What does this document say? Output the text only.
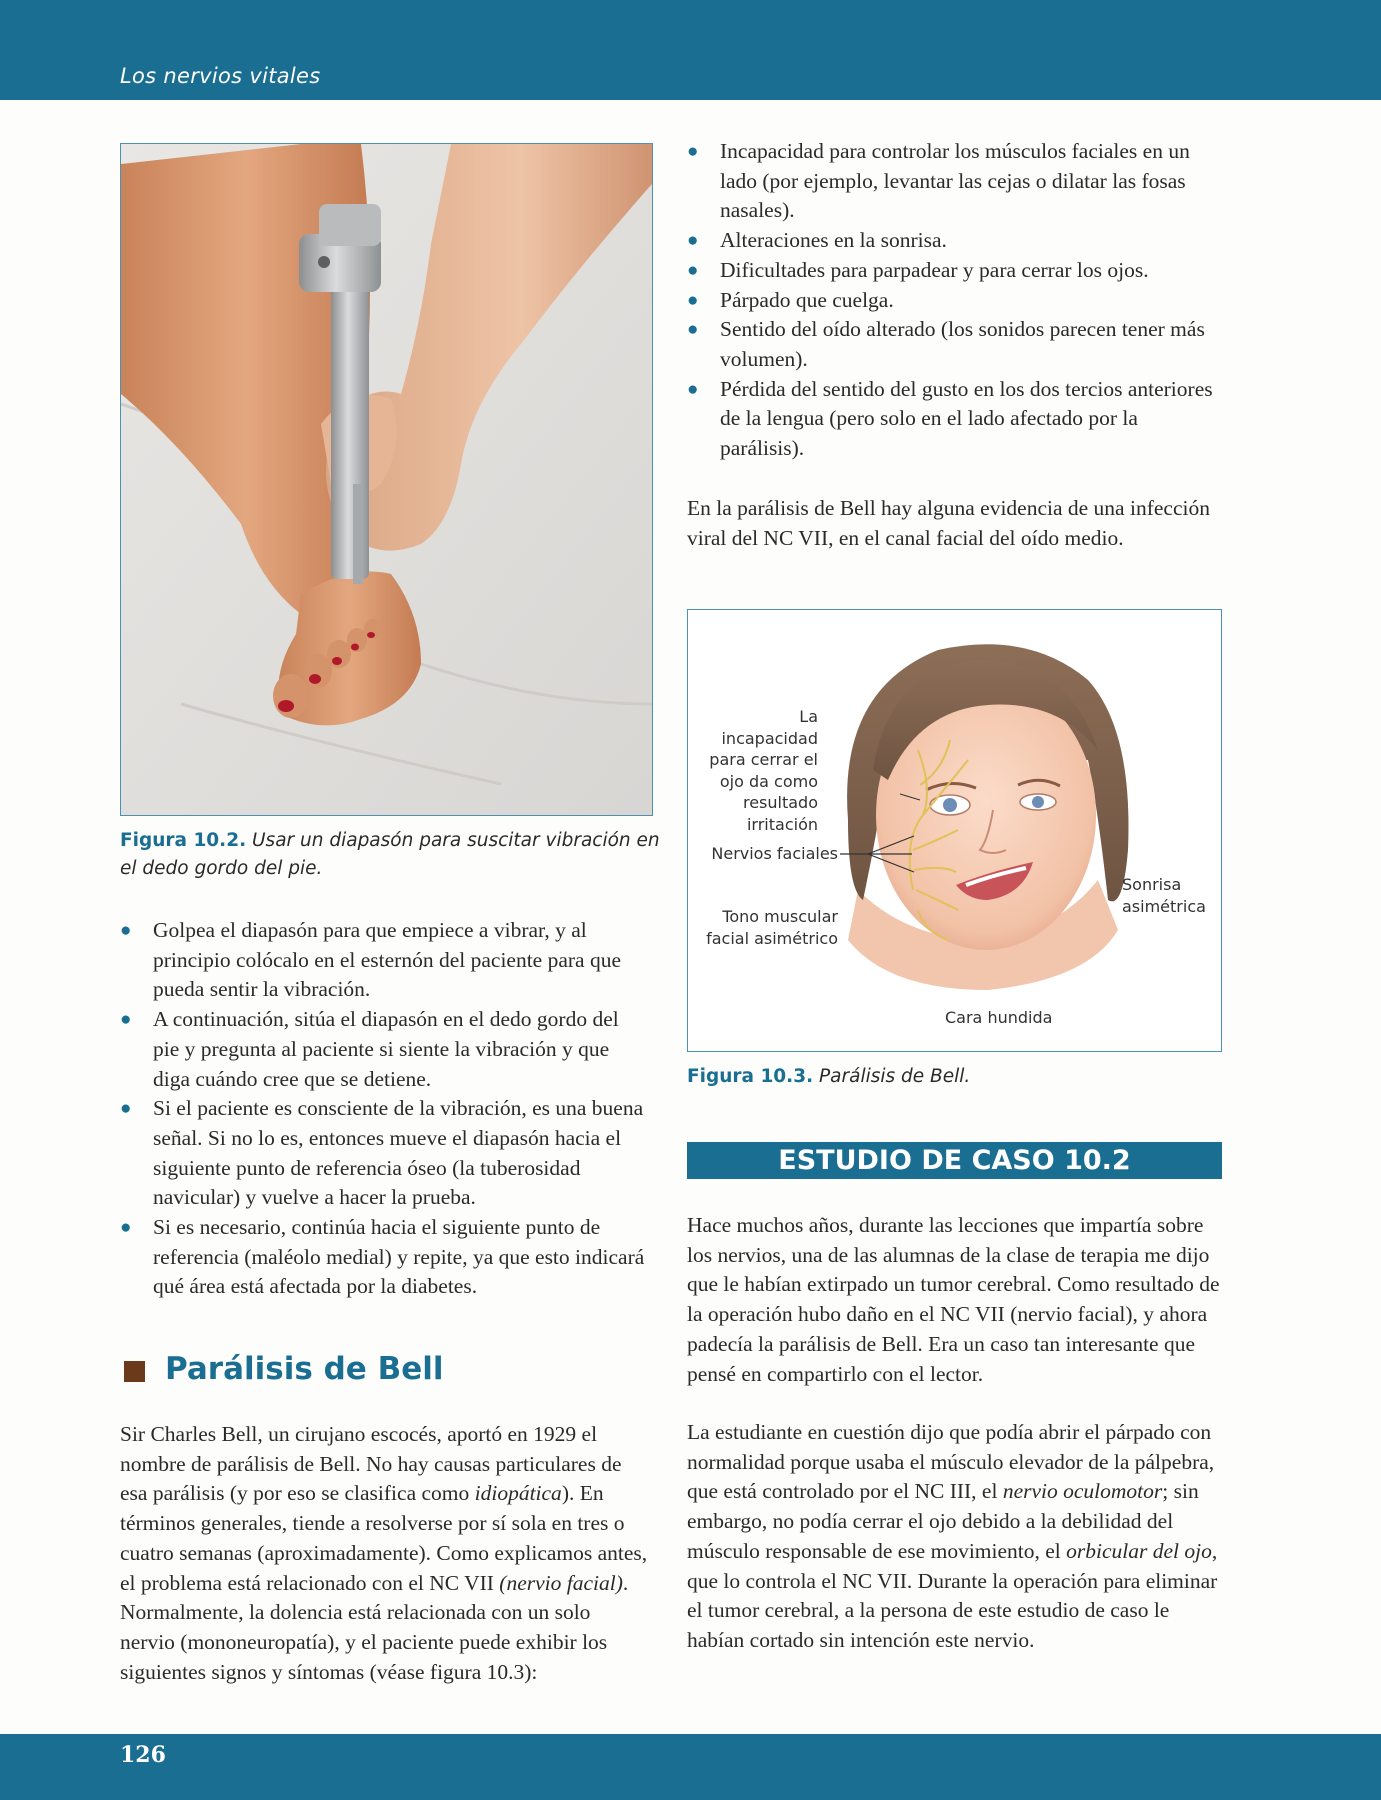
Los nervios vitales
Figura 10.2. Usar un diapasón para suscitar vibración en el dedo gordo del pie.
● Golpea el diapasón para que empiece a vibrar, y al principio colócalo en el esternón del paciente para que pueda sentir la vibración.
● A continuación, sitúa el diapasón en el dedo gordo del pie y pregunta al paciente si siente la vibración y que diga cuándo cree que se detiene.
● Si el paciente es consciente de la vibración, es una buena señal. Si no lo es, entonces mueve el diapasón hacia el siguiente punto de referencia óseo (la tuberosidad navicular) y vuelve a hacer la prueba.
● Si es necesario, continúa hacia el siguiente punto de referencia (maléolo medial) y repite, ya que esto indicará qué área está afectada por la diabetes.
Parálisis de Bell

Sir Charles Bell, un cirujano escocés, aportó en 1929 el nombre de parálisis de Bell. No hay causas particulares de esa parálisis (y por eso se clasifica como idiopática). En términos generales, tiende a resolverse por sí sola en tres o cuatro semanas (aproximadamente). Como explicamos antes, el problema está relacionado con el NC VII (nervio facial). Normalmente, la dolencia está relacionada con un solo nervio (mononeuropatía), y el paciente puede exhibir los siguientes signos y síntomas (véase figura 10.3):

● Incapacidad para controlar los músculos faciales en un lado (por ejemplo, levantar las cejas o dilatar las fosas nasales).
● Alteraciones en la sonrisa.
● Dificultades para parpadear y para cerrar los ojos.
● Párpado que cuelga.
● Sentido del oído alterado (los sonidos parecen tener más volumen).
● Pérdida del sentido del gusto en los dos tercios anteriores de la lengua (pero solo en el lado afectado por la parálisis).
En la parálisis de Bell hay alguna evidencia de una infección viral del NC VII, en el canal facial del oído medio.
La incapacidad para cerrar el ojo da como resultado irritación
Nervios faciales
Tono muscular facial asimétrico
Sonrisa asimétrica
Cara hundida
Figura 10.3. Parálisis de Bell.
ESTUDIO DE CASO 10.2
Hace muchos años, durante las lecciones que impartía sobre los nervios, una de las alumnas de la clase de terapia me dijo que le habían extirpado un tumor cerebral. Como resultado de la operación hubo daño en el NC VII (nervio facial), y ahora padecía la parálisis de Bell. Era un caso tan interesante que pensé en compartirlo con el lector.

La estudiante en cuestión dijo que podía abrir el párpado con normalidad porque usaba el músculo elevador de la pálpebra, que está controlado por el NC III, el nervio oculomotor; sin embargo, no podía cerrar el ojo debido a la debilidad del músculo responsable de ese movimiento, el orbicular del ojo, que lo controla el NC VII. Durante la operación para eliminar el tumor cerebral, a la persona de este estudio de caso le habían cortado sin intención este nervio.

126
